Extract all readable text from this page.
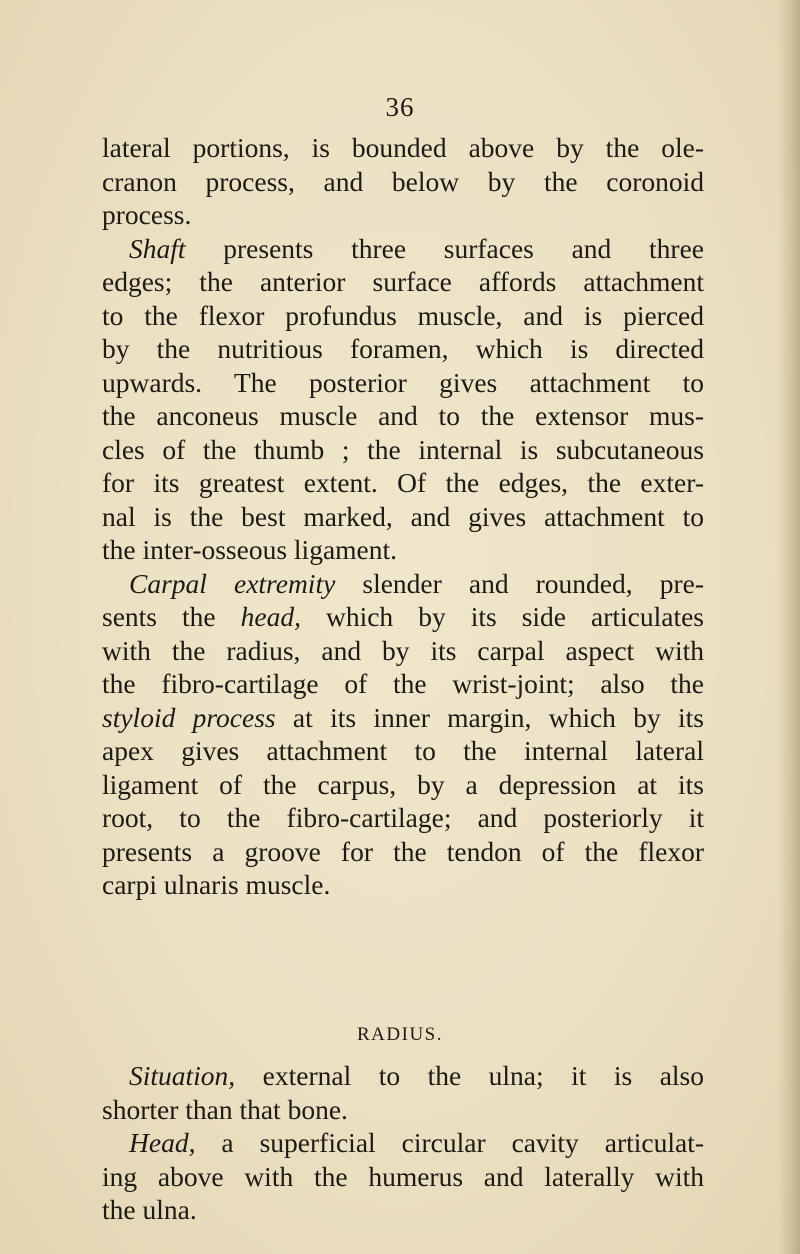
36
lateral portions, is bounded above by the ole-
cranon process, and below by the coronoid
process.
Shaft presents three surfaces and three
edges; the anterior surface affords attachment
to the flexor profundus muscle, and is pierced
by the nutritious foramen, which is directed
upwards. The posterior gives attachment to
the anconeus muscle and to the extensor mus-
cles of the thumb ; the internal is subcutaneous
for its greatest extent. Of the edges, the exter-
nal is the best marked, and gives attachment to
the inter-osseous ligament.
Carpal extremity slender and rounded, pre-
sents the head, which by its side articulates
with the radius, and by its carpal aspect with
the fibro-cartilage of the wrist-joint; also the
styloid process at its inner margin, which by its
apex gives attachment to the internal lateral
ligament of the carpus, by a depression at its
root, to the fibro-cartilage; and posteriorly it
presents a groove for the tendon of the flexor
carpi ulnaris muscle.
RADIUS.
Situation, external to the ulna; it is also
shorter than that bone.
Head, a superficial circular cavity articulat-
ing above with the humerus and laterally with
the ulna.
